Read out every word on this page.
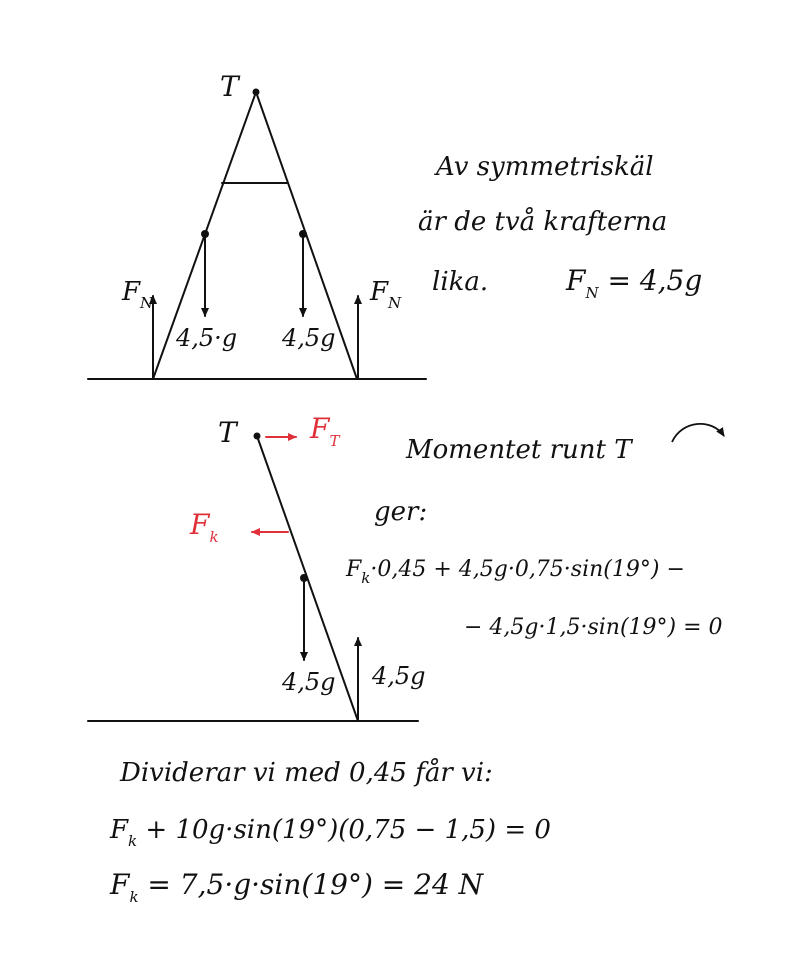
T
$F_N$	$F_N$
4,5·g 4,5g
Av symmetriskäl
är de två krafterna
lika.	$F_N = 4,5g$
T	$F_T$
$F_k$
4,5g 4,5g
Momentet runt T
ger:
$F_k\cdot 0,45 + 4,5g\cdot 0,75\cdot\sin(19^\circ)$ −
− 4,5g·1,5·sin(19°) = 0
Dividerar vi med 0,45 får vi:
$F_k + 10g\cdot\sin(19^\circ)(0,75 - 1,5) = 0$
$F_k = 7,5\cdot g\cdot\sin(19^\circ) = 24$ N
